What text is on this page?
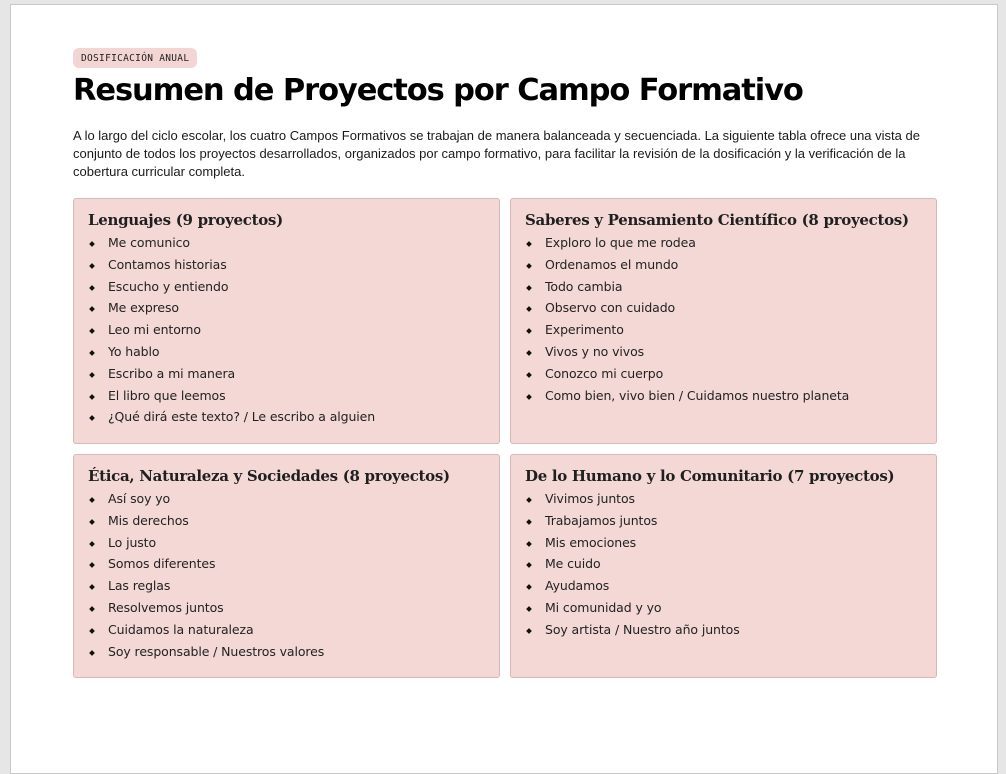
DOSIFICACIÓN ANUAL
Resumen de Proyectos por Campo Formativo

A lo largo del ciclo escolar, los cuatro Campos Formativos se trabajan de manera balanceada y secuenciada. La siguiente tabla ofrece una vista de conjunto de todos los proyectos desarrollados, organizados por campo formativo, para facilitar la revisión de la dosificación y la verificación de la cobertura curricular completa.

Lenguajes (9 proyectos)
Me comunico
Contamos historias
Escucho y entiendo
Me expreso
Leo mi entorno
Yo hablo
Escribo a mi manera
El libro que leemos
¿Qué dirá este texto? / Le escribo a alguien
Saberes y Pensamiento Científico (8 proyectos)
Exploro lo que me rodea
Ordenamos el mundo
Todo cambia
Observo con cuidado
Experimento
Vivos y no vivos
Conozco mi cuerpo
Como bien, vivo bien / Cuidamos nuestro planeta
Ética, Naturaleza y Sociedades (8 proyectos)
Así soy yo
Mis derechos
Lo justo
Somos diferentes
Las reglas
Resolvemos juntos
Cuidamos la naturaleza
Soy responsable / Nuestros valores
De lo Humano y lo Comunitario (7 proyectos)
Vivimos juntos
Trabajamos juntos
Mis emociones
Me cuido
Ayudamos
Mi comunidad y yo
Soy artista / Nuestro año juntos
